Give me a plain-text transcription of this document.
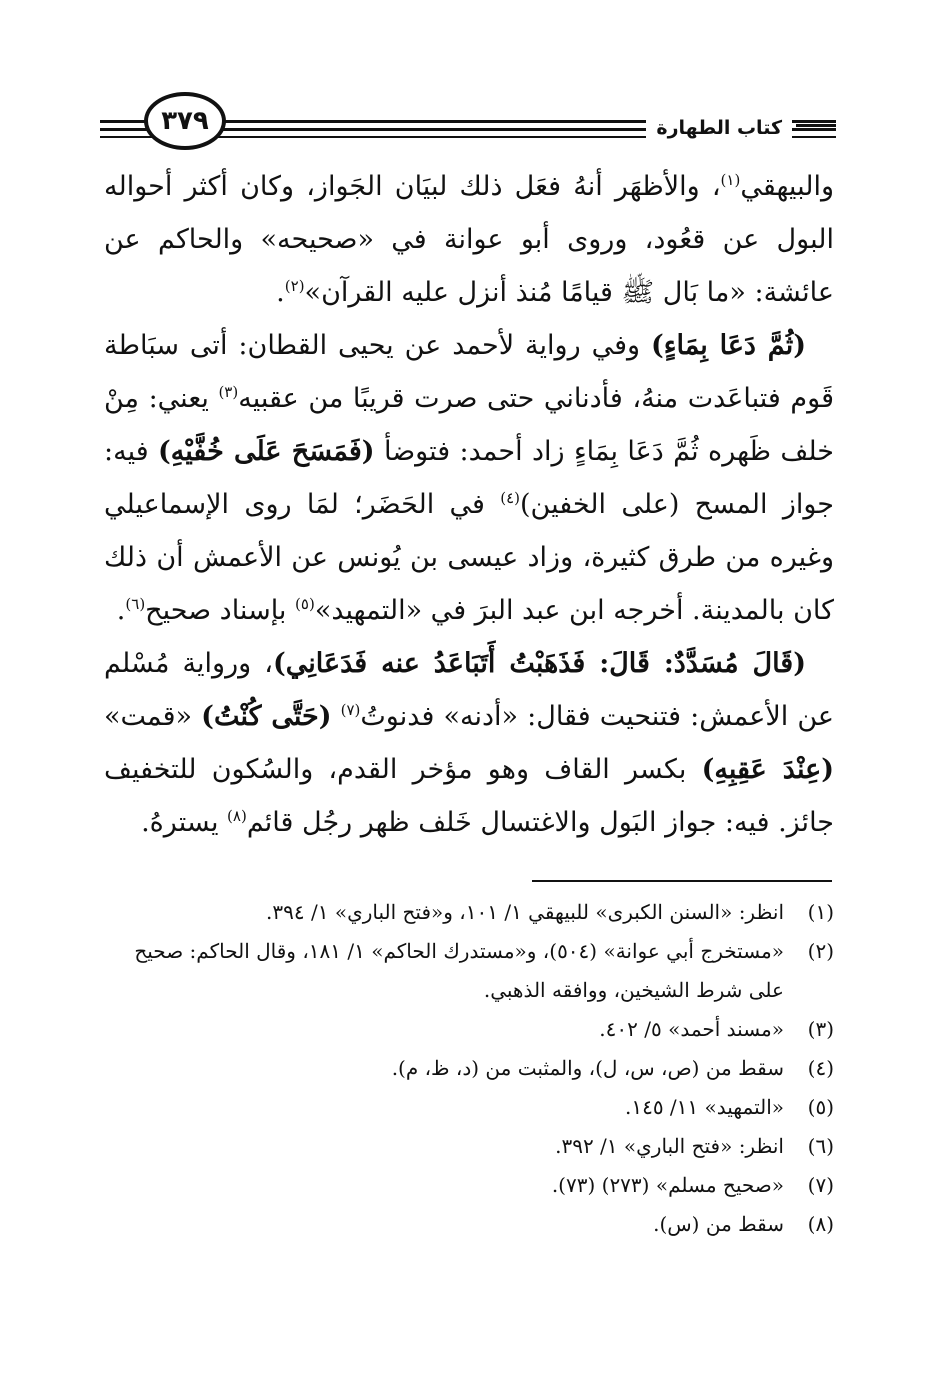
كتاب الطهارة
٣٧٩

والبيهقي$^{(١)}$، والأظهَر أنهُ فعَل ذلك لبيَان الجَواز، وكان أكثر أحواله البول عن قعُود، وروى أبو عوانة في «صحيحه» والحاكم عن عائشة: «ما بَال ﷺ قيامًا مُنذ أنزل عليه القرآن»$^{(٢)}$.

(ثُمَّ دَعَا بِمَاءٍ) وفي رواية لأحمد عن يحيى القطان: أتى سبَاطة قَوم فتباعَدت منهُ، فأدناني حتى صرت قريبًا من عقبيه$^{(٣)}$ يعني: مِنْ خلف ظَهره ثُمَّ دَعَا بِمَاءٍ زاد أحمد: فتوضأ (فَمَسَحَ عَلَى خُفَّيْهِ) فيه: جواز المسح (على الخفين)$^{(٤)}$ في الحَضَر؛ لمَا روى الإسماعيلي وغيره من طرق كثيرة، وزاد عيسى بن يُونس عن الأعمش أن ذلك كان بالمدينة. أخرجه ابن عبد البرَ في «التمهيد»$^{(٥)}$ بإسناد صحيح$^{(٦)}$.

(قَالَ مُسَدَّدٌ: قَالَ: فَذَهَبْتُ أَتَبَاعَدُ عنه فَدَعَانِي)، ورواية مُسْلم عن الأعمش: فتنحيت فقال: «أدنه» فدنوتُ$^{(٧)}$ (حَتَّى كُنْتُ) «قمت» (عِنْدَ عَقِبِهِ) بكسر القاف وهو مؤخر القدم، والسُكون للتخفيف جائز. فيه: جواز البَول والاغتسال خَلف ظهر رجُل قائم$^{(٨)}$ يسترهُ.

(١)
انظر: «السنن الكبرى» للبيهقي ١/ ١٠١، و«فتح الباري» ١/ ٣٩٤.
(٢)
«مستخرج أبي عوانة» (٥٠٤)، و«مستدرك الحاكم» ١/ ١٨١، وقال الحاكم: صحيح على شرط الشيخين، ووافقه الذهبي.
(٣)
«مسند أحمد» ٥/ ٤٠٢.
(٤)
سقط من (ص، س، ل)، والمثبت من (د، ظ، م).
(٥)
«التمهيد» ١١/ ١٤٥.
(٦)
انظر: «فتح الباري» ١/ ٣٩٢.
(٧)
«صحيح مسلم» (٢٧٣) (٧٣).
(٨)
سقط من (س).
